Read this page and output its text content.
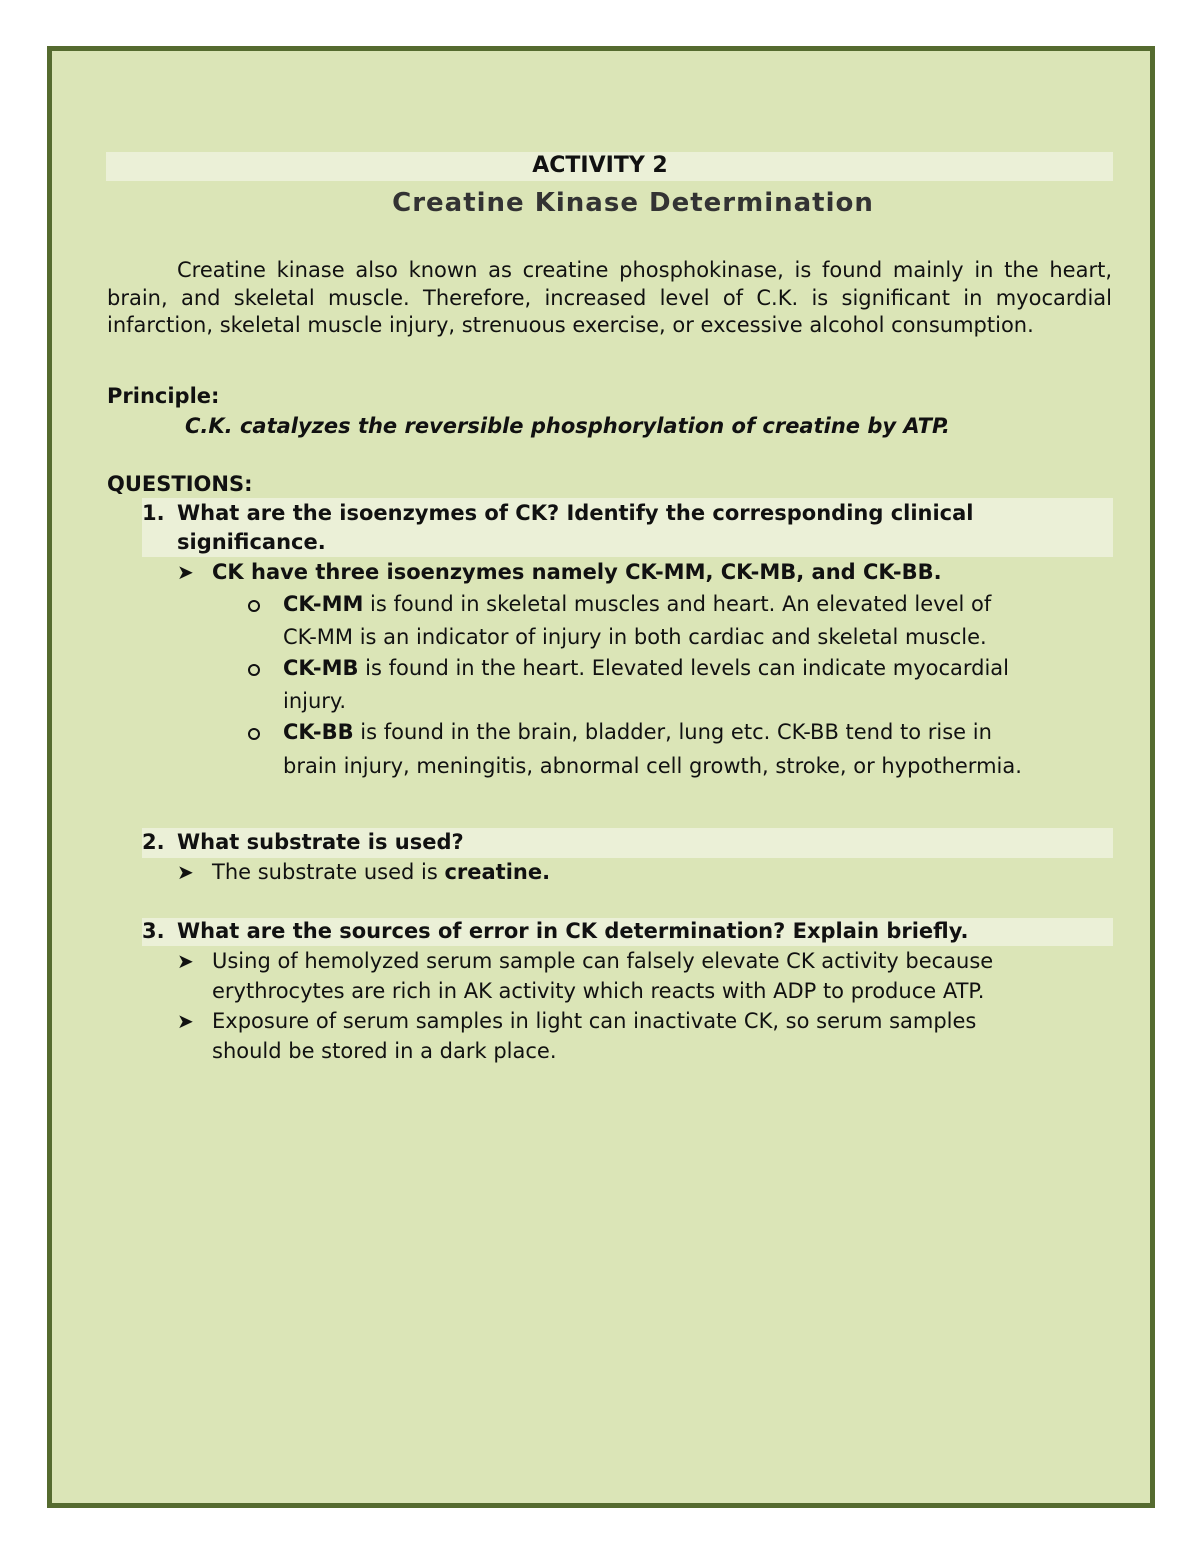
ACTIVITY 2
Creatine Kinase Determination

Creatine kinase also known as creatine phosphokinase, is found mainly in the heart, brain, and skeletal muscle. Therefore, increased level of C.K. is significant in myocardial infarction, skeletal muscle injury, strenuous exercise, or excessive alcohol consumption.

Principle:
C.K. catalyzes the reversible phosphorylation of creatine by ATP.
QUESTIONS:
1. What are the isoenzymes of CK? Identify the corresponding clinical
significance.
➤ CK have three isoenzymes namely CK-MM, CK-MB, and CK-BB.
CK-MM is found in skeletal muscles and heart. An elevated level of
CK-MM is an indicator of injury in both cardiac and skeletal muscle.
CK-MB is found in the heart. Elevated levels can indicate myocardial
injury.
CK-BB is found in the brain, bladder, lung etc. CK-BB tend to rise in
brain injury, meningitis, abnormal cell growth, stroke, or hypothermia.
2. What substrate is used?
➤ The substrate used is creatine.
3. What are the sources of error in CK determination? Explain briefly.
➤ Using of hemolyzed serum sample can falsely elevate CK activity because
erythrocytes are rich in AK activity which reacts with ADP to produce ATP.
➤ Exposure of serum samples in light can inactivate CK, so serum samples
should be stored in a dark place.
